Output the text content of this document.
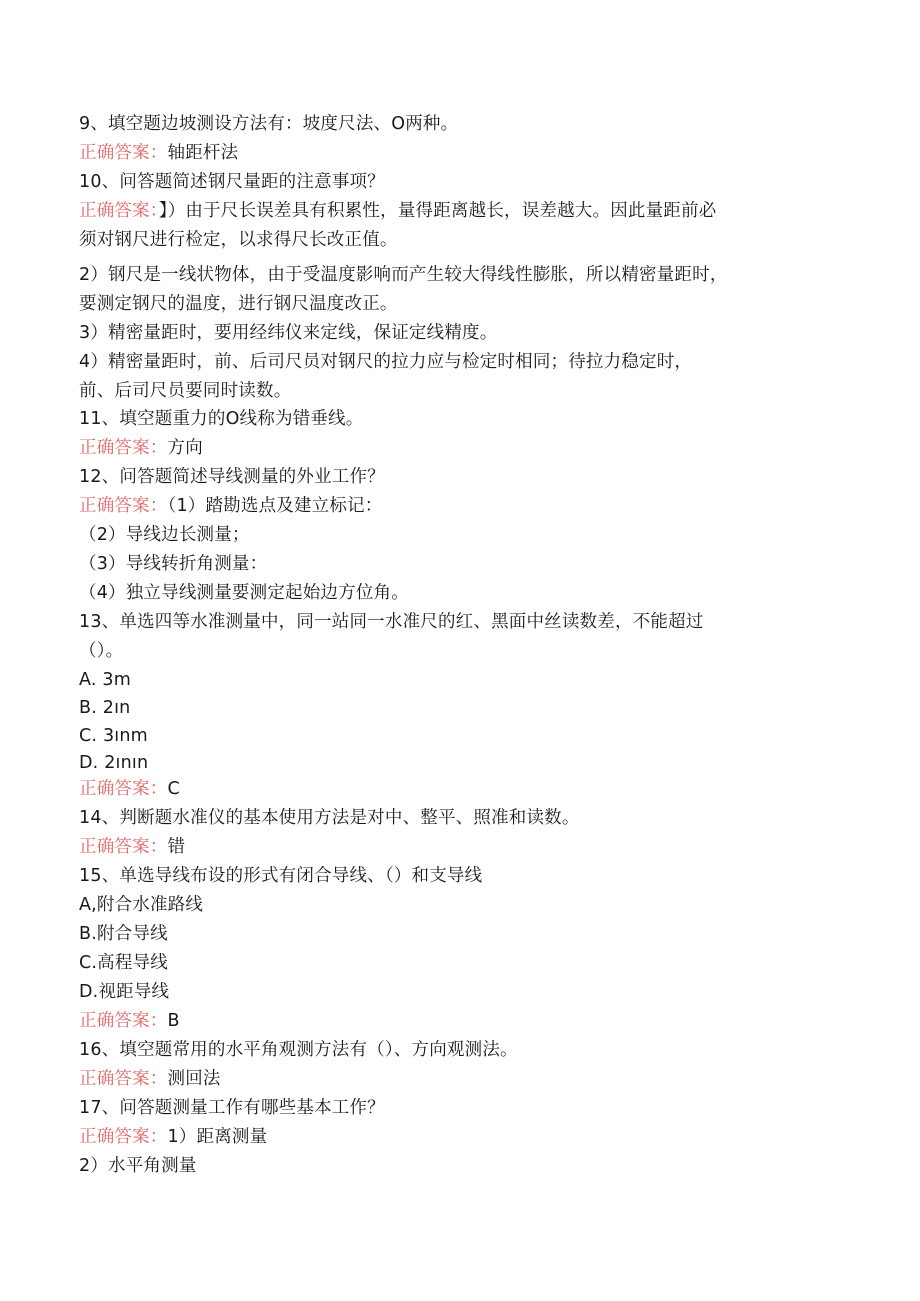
9、填空题边坡测设方法有：坡度尺法、O两种。
正确答案：轴距杆法
10、问答题简述钢尺量距的注意事项？
正确答案：】）由于尺长误差具有积累性，量得距离越长，误差越大。因此量距前必
须对钢尺进行检定，以求得尺长改正值。
2）钢尺是一线状物体，由于受温度影响而产生较大得线性膨胀，所以精密量距时，
要测定钢尺的温度，进行钢尺温度改正。
3）精密量距时，要用经纬仪来定线，保证定线精度。
4）精密量距时，前、后司尺员对钢尺的拉力应与检定时相同；待拉力稳定时，
前、后司尺员要同时读数。
11、填空题重力的O线称为错垂线。
正确答案：方向
12、问答题简述导线测量的外业工作？
正确答案：（1）踏勘选点及建立标记：
（2）导线边长测量；
（3）导线转折角测量：
（4）独立导线测量要测定起始边方位角。
13、单选四等水准测量中，同一站同一水准尺的红、黑面中丝读数差，不能超过
（）。
A. 3m
B. 2ın
C. 3ınm
D. 2ının
正确答案：C
14、判断题水准仪的基本使用方法是对中、整平、照准和读数。
正确答案：错
15、单选导线布设的形式有闭合导线、（）和支导线
A,附合水准路线
B.附合导线
C.高程导线
D.视距导线
正确答案：B
16、填空题常用的水平角观测方法有（）、方向观测法。
正确答案：测回法
17、问答题测量工作有哪些基本工作？
正确答案：1）距离测量
2）水平角测量
